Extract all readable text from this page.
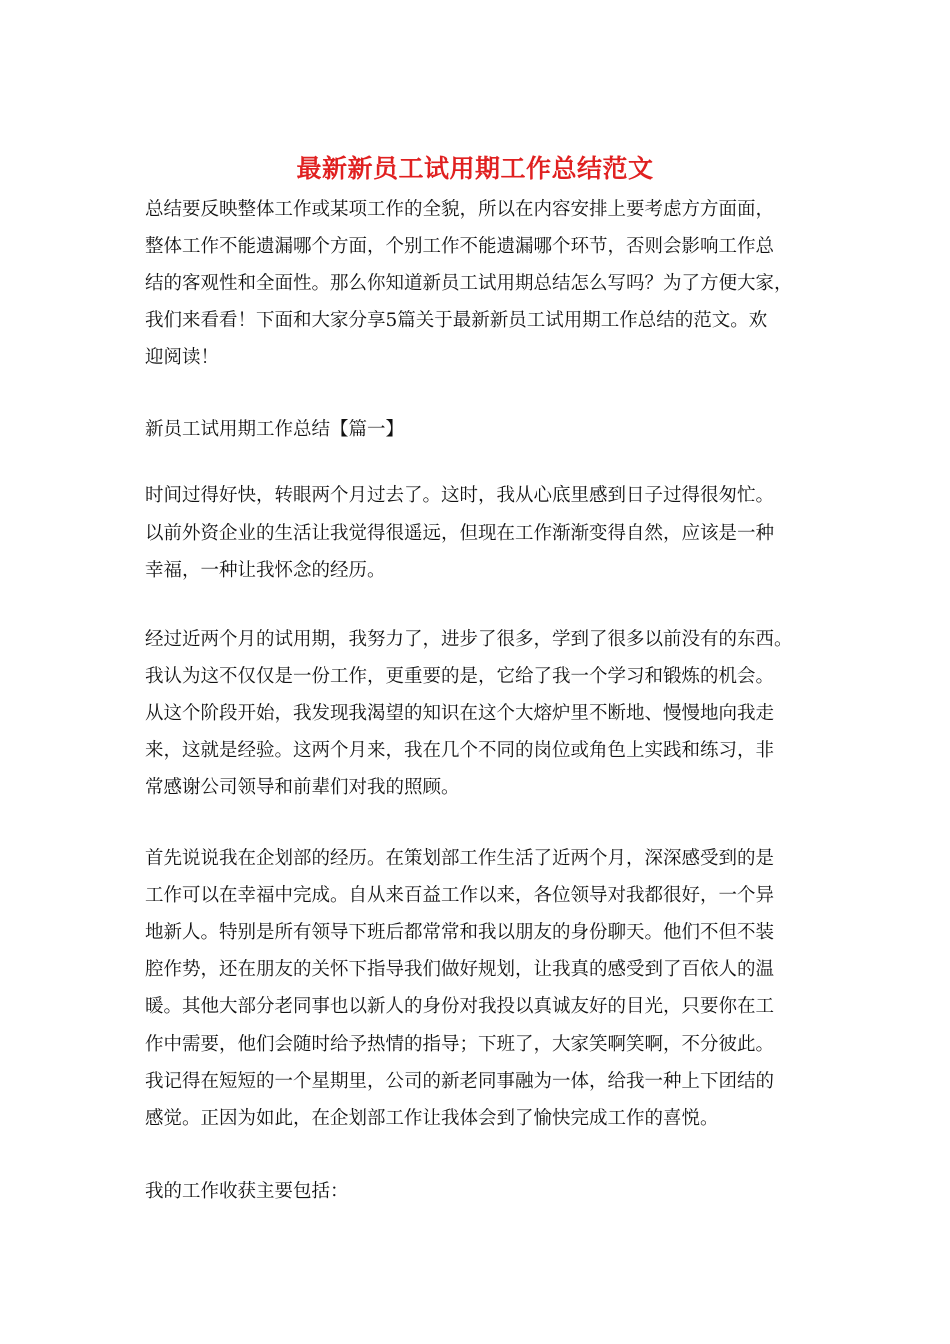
最新新员工试用期工作总结范文
总结要反映整体工作或某项工作的全貌，所以在内容安排上要考虑方方面面，
整体工作不能遗漏哪个方面，个别工作不能遗漏哪个环节，否则会影响工作总
结的客观性和全面性。那么你知道新员工试用期总结怎么写吗？为了方便大家，
我们来看看！下面和大家分享5篇关于最新新员工试用期工作总结的范文。欢
迎阅读！
新员工试用期工作总结【篇一】
时间过得好快，转眼两个月过去了。这时，我从心底里感到日子过得很匆忙。
以前外资企业的生活让我觉得很遥远，但现在工作渐渐变得自然，应该是一种
幸福，一种让我怀念的经历。
经过近两个月的试用期，我努力了，进步了很多，学到了很多以前没有的东西。
我认为这不仅仅是一份工作，更重要的是，它给了我一个学习和锻炼的机会。
从这个阶段开始，我发现我渴望的知识在这个大熔炉里不断地、慢慢地向我走
来，这就是经验。这两个月来，我在几个不同的岗位或角色上实践和练习，非
常感谢公司领导和前辈们对我的照顾。
首先说说我在企划部的经历。在策划部工作生活了近两个月，深深感受到的是
工作可以在幸福中完成。自从来百益工作以来，各位领导对我都很好，一个异
地新人。特别是所有领导下班后都常常和我以朋友的身份聊天。他们不但不装
腔作势，还在朋友的关怀下指导我们做好规划，让我真的感受到了百依人的温
暖。其他大部分老同事也以新人的身份对我投以真诚友好的目光，只要你在工
作中需要，他们会随时给予热情的指导；下班了，大家笑啊笑啊，不分彼此。
我记得在短短的一个星期里，公司的新老同事融为一体，给我一种上下团结的
感觉。正因为如此，在企划部工作让我体会到了愉快完成工作的喜悦。
我的工作收获主要包括：
